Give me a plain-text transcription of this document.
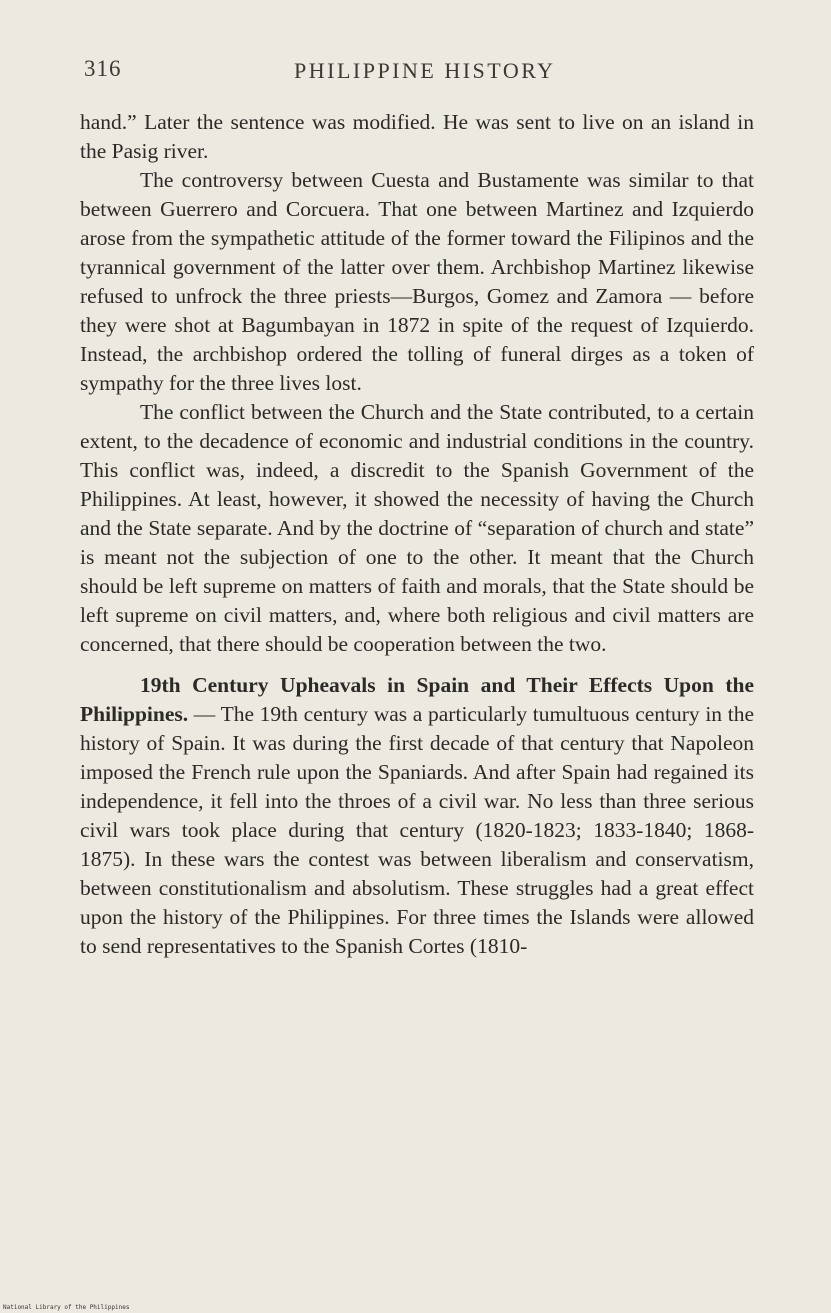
316	PHILIPPINE HISTORY

hand.” Later the sentence was modified. He was sent to live on an island in the Pasig river.

The controversy between Cuesta and Bustamente was similar to that between Guerrero and Corcuera. That one between Martinez and Izquierdo arose from the sympathetic attitude of the former toward the Filipinos and the tyrannical government of the latter over them. Archbishop Martinez likewise refused to unfrock the three priests—Burgos, Gomez and Zamora — before they were shot at Bagumbayan in 1872 in spite of the request of Izquierdo. Instead, the archbishop ordered the tolling of funeral dirges as a token of sympathy for the three lives lost.

The conflict between the Church and the State contributed, to a certain extent, to the decadence of economic and industrial conditions in the country. This conflict was, indeed, a discredit to the Spanish Government of the Philippines. At least, however, it showed the necessity of having the Church and the State separate. And by the doctrine of “separation of church and state” is meant not the subjection of one to the other. It meant that the Church should be left supreme on matters of faith and morals, that the State should be left supreme on civil matters, and, where both religious and civil matters are concerned, that there should be cooperation between the two.

19th Century Upheavals in Spain and Their Effects Upon the Philippines. — The 19th century was a particularly tumultuous century in the history of Spain. It was during the first decade of that century that Napoleon imposed the French rule upon the Spaniards. And after Spain had regained its independence, it fell into the throes of a civil war. No less than three serious civil wars took place during that century (1820-1823; 1833-1840; 1868-1875). In these wars the contest was between liberalism and conservatism, between constitutionalism and absolutism. These struggles had a great effect upon the history of the Philippines. For three times the Islands were allowed to send representatives to the Spanish Cortes (1810-

National Library of the Philippines
